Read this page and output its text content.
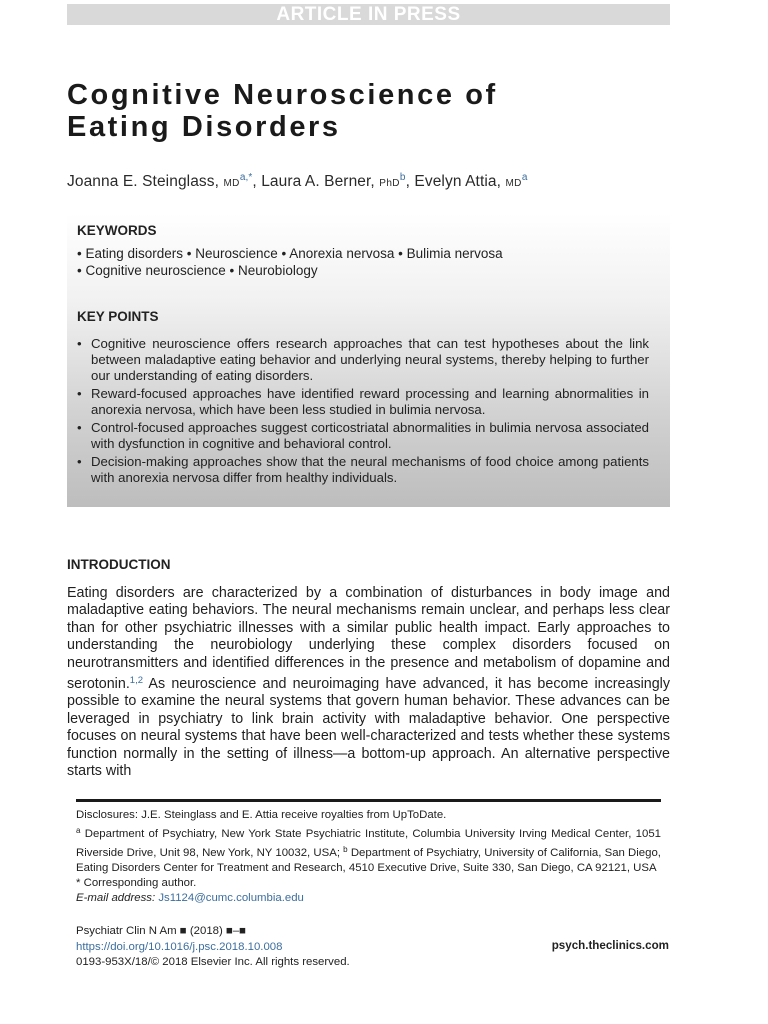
ARTICLE IN PRESS
Cognitive Neuroscience of
Eating Disorders
Joanna E. Steinglass, $MD^{a,*}$, Laura A. Berner, PhD$^b$, Evelyn Attia, $MD^a$
KEYWORDS
• Eating disorders • Neuroscience • Anorexia nervosa • Bulimia nervosa
• Cognitive neuroscience • Neurobiology
KEY POINTS
• Cognitive neuroscience offers research approaches that can test hypotheses about the link between maladaptive eating behavior and underlying neural systems, thereby helping to further our understanding of eating disorders.
• Reward-focused approaches have identified reward processing and learning abnormalities in anorexia nervosa, which have been less studied in bulimia nervosa.
• Control-focused approaches suggest corticostriatal abnormalities in bulimia nervosa associated with dysfunction in cognitive and behavioral control.
• Decision-making approaches show that the neural mechanisms of food choice among patients with anorexia nervosa differ from healthy individuals.
INTRODUCTION

Eating disorders are characterized by a combination of disturbances in body image and maladaptive eating behaviors. The neural mechanisms remain unclear, and perhaps less clear than for other psychiatric illnesses with a similar public health impact. Early approaches to understanding the neurobiology underlying these complex disorders focused on neurotransmitters and identified differences in the presence and metabolism of dopamine and serotonin.$^{1,2}$ As neuroscience and neuroimaging have advanced, it has become increasingly possible to examine the neural systems that govern human behavior. These advances can be leveraged in psychiatry to link brain activity with maladaptive behavior. One perspective focuses on neural systems that have been well-characterized and tests whether these systems function normally in the setting of illness—a bottom-up approach. An alternative perspective starts with

Disclosures: J.E. Steinglass and E. Attia receive royalties from UpToDate.

$^a$ Department of Psychiatry, New York State Psychiatric Institute, Columbia University Irving Medical Center, 1051 Riverside Drive, Unit 98, New York, NY 10032, USA; $^b$ Department of Psychiatry, University of California, San Diego, Eating Disorders Center for Treatment and Research, 4510 Executive Drive, Suite 330, San Diego, CA 92121, USA

* Corresponding author.

E-mail address: Js1124@cumc.columbia.edu

Psychiatr Clin N Am ■ (2018) ■–■
https://doi.org/10.1016/j.psc.2018.10.008
0193-953X/18/© 2018 Elsevier Inc. All rights reserved.
psych.theclinics.com
